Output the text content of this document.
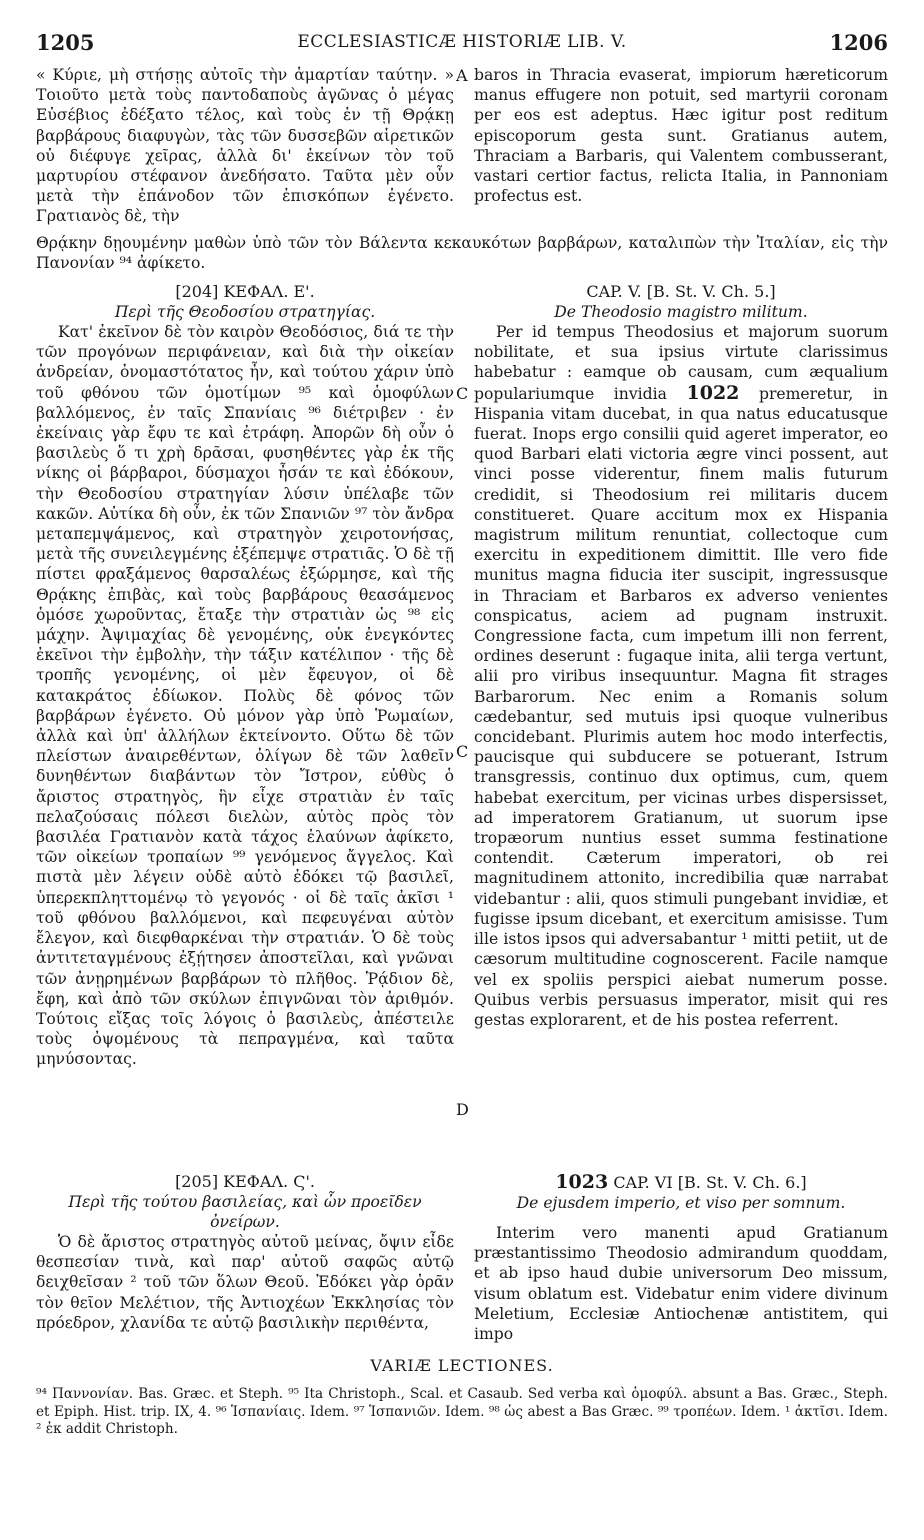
1205	ECCLESIASTICÆ HISTORIÆ LIB. V.	1206

« Κύριε, μὴ στήσῃς αὐτοῖς τὴν ἁμαρτίαν ταύτην. » Τοιοῦτο μετὰ τοὺς παντοδαποὺς ἀγῶνας ὁ μέγας Εὐσέβιος ἐδέξατο τέλος, καὶ τοὺς ἐν τῇ Θρᾴκῃ βαρβάρους διαφυγὼν, τὰς τῶν δυσσεβῶν αἱρετικῶν οὐ διέφυγε χεῖρας, ἀλλὰ δι' ἐκείνων τὸν τοῦ μαρτυρίου στέφανον ἀνεδήσατο. Ταῦτα μὲν οὖν μετὰ τὴν ἐπάνοδον τῶν ἐπισκόπων ἐγένετο. Γρατιανὸς δὲ, τὴν

baros in Thracia evaserat, impiorum hæreticorum manus effugere non potuit, sed martyrii coronam per eos est adeptus. Hæc igitur post reditum episcoporum gesta sunt. Gratianus autem, Thraciam a Barbaris, qui Valentem combusserant, vastari certior factus, relicta Italia, in Pannoniam profectus est.

A
Θρᾴκην δῃουμένην μαθὼν ὑπὸ τῶν τὸν Βάλεντα κεκαυκότων βαρβάρων, καταλιπὼν τὴν Ἰταλίαν, εἰς τὴν Πανονίαν ⁹⁴ ἀφίκετο.

[204] ΚΕΦΑΛ. Ε'.

Περὶ τῆς Θεοδοσίου στρατηγίας.

Κατ' ἐκεῖνον δὲ τὸν καιρὸν Θεοδόσιος, διά τε τὴν τῶν προγόνων περιφάνειαν, καὶ διὰ τὴν οἰκείαν ἀνδρείαν, ὀνομαστότατος ἦν, καὶ τούτου χάριν ὑπὸ τοῦ φθόνου τῶν ὁμοτίμων ⁹⁵ καὶ ὁμοφύλων βαλλόμενος, ἐν ταῖς Σπανίαις ⁹⁶ διέτριβεν · ἐν ἐκείναις γὰρ ἔφυ τε καὶ ἐτράφη. Ἀπορῶν δὴ οὖν ὁ βασιλεὺς ὅ τι χρὴ δρᾶσαι, φυσηθέντες γὰρ ἐκ τῆς νίκης οἱ βάρβαροι, δύσμαχοι ἦσάν τε καὶ ἐδόκουν, τὴν Θεοδοσίου στρατηγίαν λύσιν ὑπέλαβε τῶν κακῶν. Αὐτίκα δὴ οὖν, ἐκ τῶν Σπανιῶν ⁹⁷ τὸν ἄνδρα μεταπεμψάμενος, καὶ στρατηγὸν χειροτονήσας, μετὰ τῆς συνειλεγμένης ἐξέπεμψε στρατιᾶς. Ὁ δὲ τῇ πίστει φραξάμενος θαρσαλέως ἐξώρμησε, καὶ τῆς Θρᾴκης ἐπιβὰς, καὶ τοὺς βαρβάρους θεασάμενος ὁμόσε χωροῦντας, ἔταξε τὴν στρατιὰν ὡς ⁹⁸ εἰς μάχην. Ἀψιμαχίας δὲ γενομένης, οὐκ ἐνεγκόντες ἐκεῖνοι τὴν ἐμβολὴν, τὴν τάξιν κατέλιπον · τῆς δὲ τροπῆς γενομένης, οἱ μὲν ἔφευγον, οἱ δὲ κατακράτος ἐδίωκον. Πολὺς δὲ φόνος τῶν βαρβάρων ἐγένετο. Οὐ μόνον γὰρ ὑπὸ Ῥωμαίων, ἀλλὰ καὶ ὑπ' ἀλλήλων ἐκτείνοντο. Οὕτω δὲ τῶν πλείστων ἀναιρεθέντων, ὀλίγων δὲ τῶν λαθεῖν δυνηθέντων διαβάντων τὸν Ἴστρον, εὐθὺς ὁ ἄριστος στρατηγὸς, ἣν εἶχε στρατιὰν ἐν ταῖς πελαζούσαις πόλεσι διελὼν, αὐτὸς πρὸς τὸν βασιλέα Γρατιανὸν κατὰ τάχος ἐλαύνων ἀφίκετο, τῶν οἰκείων τροπαίων ⁹⁹ γενόμενος ἄγγελος. Καὶ πιστὰ μὲν λέγειν οὐδὲ αὐτὸ ἐδόκει τῷ βασιλεῖ, ὑπερεκπληττομένῳ τὸ γεγονός · οἱ δὲ ταῖς ἀκῖσι ¹ τοῦ φθόνου βαλλόμενοι, καὶ πεφευγέναι αὐτὸν ἔλεγον, καὶ διεφθαρκέναι τὴν στρατιάν. Ὁ δὲ τοὺς ἀντιτεταγμένους ἐξῄτησεν ἀποστεῖλαι, καὶ γνῶναι τῶν ἀνῃρημένων βαρβάρων τὸ πλῆθος. Ῥᾴδιον δὲ, ἔφη, καὶ ἀπὸ τῶν σκύλων ἐπιγνῶναι τὸν ἀριθμόν. Τούτοις εἴξας τοῖς λόγοις ὁ βασιλεὺς, ἀπέστειλε τοὺς ὀψομένους τὰ πεπραγμένα, καὶ ταῦτα μηνύσοντας.

CAP. V. [B. St. V. Ch. 5.]

De Theodosio magistro militum.

Per id tempus Theodosius et majorum suorum nobilitate, et sua ipsius virtute clarissimus habebatur : eamque ob causam, cum æqualium populariumque invidia 1022 premeretur, in Hispania vitam ducebat, in qua natus educatusque fuerat. Inops ergo consilii quid ageret imperator, eo quod Barbari elati victoria ægre vinci possent, aut vinci posse viderentur, finem malis futurum credidit, si Theodosium rei militaris ducem constitueret. Quare accitum mox ex Hispania magistrum militum renuntiat, collectoque cum exercitu in expeditionem dimittit. Ille vero fide munitus magna fiducia iter suscipit, ingressusque in Thraciam et Barbaros ex adverso venientes conspicatus, aciem ad pugnam instruxit. Congressione facta, cum impetum illi non ferrent, ordines deserunt : fugaque inita, alii terga vertunt, alii pro viribus insequuntur. Magna fit strages Barbarorum. Nec enim a Romanis solum cædebantur, sed mutuis ipsi quoque vulneribus concidebant. Plurimis autem hoc modo interfectis, paucisque qui subducere se potuerant, Istrum transgressis, continuo dux optimus, cum, quem habebat exercitum, per vicinas urbes dispersisset, ad imperatorem Gratianum, ut suorum ipse tropæorum nuntius esset summa festinatione contendit. Cæterum imperatori, ob rei magnitudinem attonito, incredibilia quæ narrabat videbantur : alii, quos stimuli pungebant invidiæ, et fugisse ipsum dicebant, et exercitum amisisse. Tum ille istos ipsos qui adversabantur ¹ mitti petiit, ut de cæsorum multitudine cognoscerent. Facile namque vel ex spoliis perspici aiebat numerum posse. Quibus verbis persuasus imperator, misit qui res gestas explorarent, et de his postea referrent.

C
C
D

[205] ΚΕΦΑΛ. Ϛ'.

Περὶ τῆς τούτου βασιλείας, καὶ ὧν προεῖδεν ὀνείρων.

Ὁ δὲ ἄριστος στρατηγὸς αὐτοῦ μείνας, ὄψιν εἶδε θεσπεσίαν τινὰ, καὶ παρ' αὐτοῦ σαφῶς αὐτῷ δειχθεῖσαν ² τοῦ τῶν ὅλων Θεοῦ. Ἐδόκει γὰρ ὁρᾶν τὸν θεῖον Μελέτιον, τῆς Ἀντιοχέων Ἐκκλησίας τὸν πρόεδρον, χλανίδα τε αὐτῷ βασιλικὴν περιθέντα,

1023 CAP. VI [B. St. V. Ch. 6.]

De ejusdem imperio, et viso per somnum.

Interim vero manenti apud Gratianum præstantissimo Theodosio admirandum quoddam, et ab ipso haud dubie universorum Deo missum, visum oblatum est. Videbatur enim videre divinum Meletium, Ecclesiæ Antiochenæ antistitem, qui impo

VARIÆ LECTIONES.

⁹⁴ Παννονίαν. Bas. Græc. et Steph. ⁹⁵ Ita Christoph., Scal. et Casaub. Sed verba καὶ ὁμοφύλ. absunt a Bas. Græc., Steph. et Epiph. Hist. trip. IX, 4. ⁹⁶ Ἱσπανίαις. Idem. ⁹⁷ Ἱσπανιῶν. Idem. ⁹⁸ ὡς abest a Bas Græc. ⁹⁹ τροπέων. Idem. ¹ ἀκτῖσι. Idem. ² ἐκ addit Christoph.
